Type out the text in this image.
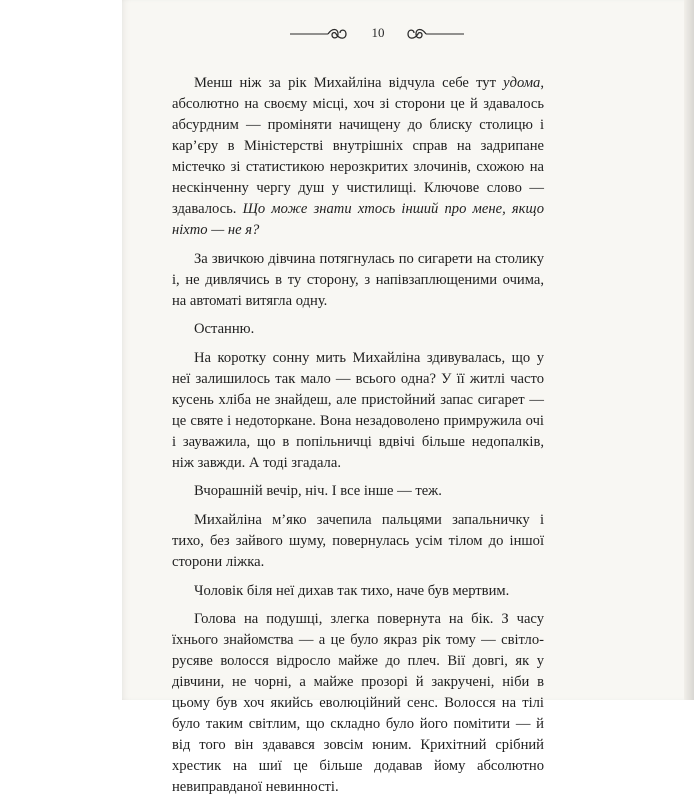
10

Менш ніж за рік Михайліна відчула себе тут удома, абсолютно на своєму місці, хоч зі сторони це й здавалось абсурдним — проміняти начищену до блиску столицю і кар’єру в Міністерстві внутрішніх справ на задрипане містечко зі статистикою нерозкритих злочинів, схожою на нескінченну чергу душ у чистилищі. Ключове слово — здавалось. Що може знати хтось інший про мене, якщо ніхто — не я?

За звичкою дівчина потягнулась по сигарети на столику і, не дивлячись в ту сторону, з напівзаплющеними очима, на автоматі витягла одну.

Останню.

На коротку сонну мить Михайліна здивувалась, що у неї залишилось так мало — всього одна? У її житлі часто кусень хліба не знайдеш, але пристойний запас сигарет — це святе і недоторкане. Вона незадоволено примружила очі і зауважила, що в попільничці вдвічі більше недопалків, ніж завжди. А тоді згадала.

Вчорашній вечір, ніч. І все інше — теж.

Михайліна м’яко зачепила пальцями запальничку і тихо, без зайвого шуму, повернулась усім тілом до іншої сторони ліжка.

Чоловік біля неї дихав так тихо, наче був мертвим.

Голова на подушці, злегка повернута на бік. З часу їхнього знайомства — а це було якраз рік тому — світло-русяве волосся відросло майже до плеч. Вії довгі, як у дівчини, не чорні, а майже прозорі й закручені, ніби в цьому був хоч якийсь еволюційний сенс. Волосся на тілі було таким світлим, що складно було його помітити — й від того він здавався зовсім юним. Крихітний срібний хрестик на шиї це більше додавав йому абсолютно невиправданої невинності.
